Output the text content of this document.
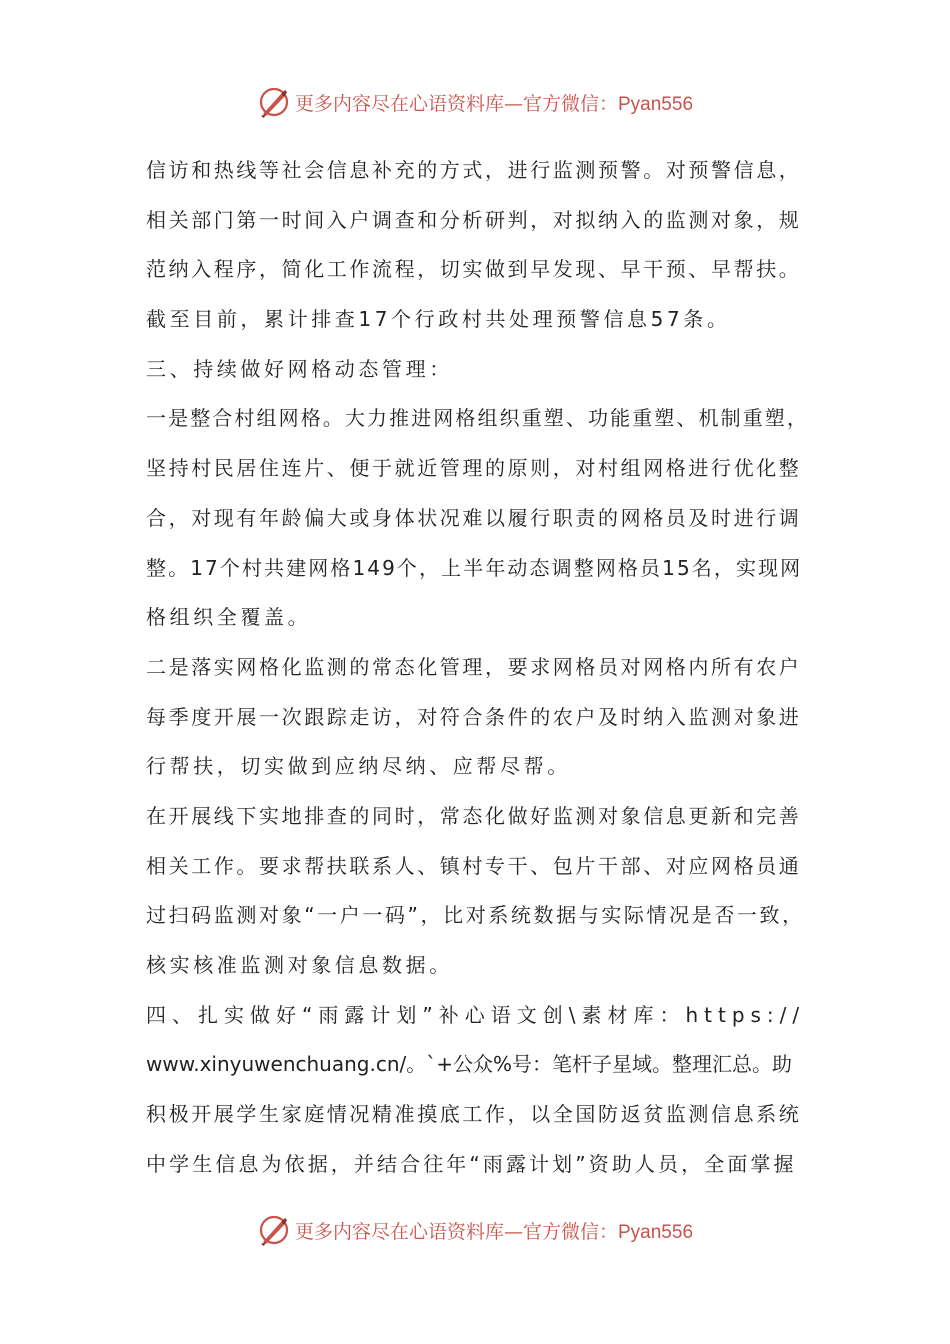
更多内容尽在心语资料库—官方微信：Pyan556
信访和热线等社会信息补充的方式，进行监测预警。对预警信息，
相关部门第一时间入户调查和分析研判，对拟纳入的监测对象，规
范纳入程序，简化工作流程，切实做到早发现、早干预、早帮扶。
截至目前，累计排查17个行政村共处理预警信息57条。
三、持续做好网格动态管理：
一是整合村组网格。大力推进网格组织重塑、功能重塑、机制重塑，
坚持村民居住连片、便于就近管理的原则，对村组网格进行优化整
合，对现有年龄偏大或身体状况难以履行职责的网格员及时进行调
整。17个村共建网格149个，上半年动态调整网格员15名，实现网
格组织全覆盖。
二是落实网格化监测的常态化管理，要求网格员对网格内所有农户
每季度开展一次跟踪走访，对符合条件的农户及时纳入监测对象进
行帮扶，切实做到应纳尽纳、应帮尽帮。
在开展线下实地排查的同时，常态化做好监测对象信息更新和完善
相关工作。要求帮扶联系人、镇村专干、包片干部、对应网格员通
过扫码监测对象“一户一码”，比对系统数据与实际情况是否一致，
核实核准监测对象信息数据。
四、扎实做好“雨露计划”补心语文创\素材库：https://
www.xinyuwenchuang.cn/。`+公众%号：笔杆子星域。整理汇总。助
积极开展学生家庭情况精准摸底工作，以全国防返贫监测信息系统
中学生信息为依据，并结合往年“雨露计划”资助人员，全面掌握
更多内容尽在心语资料库—官方微信：Pyan556
